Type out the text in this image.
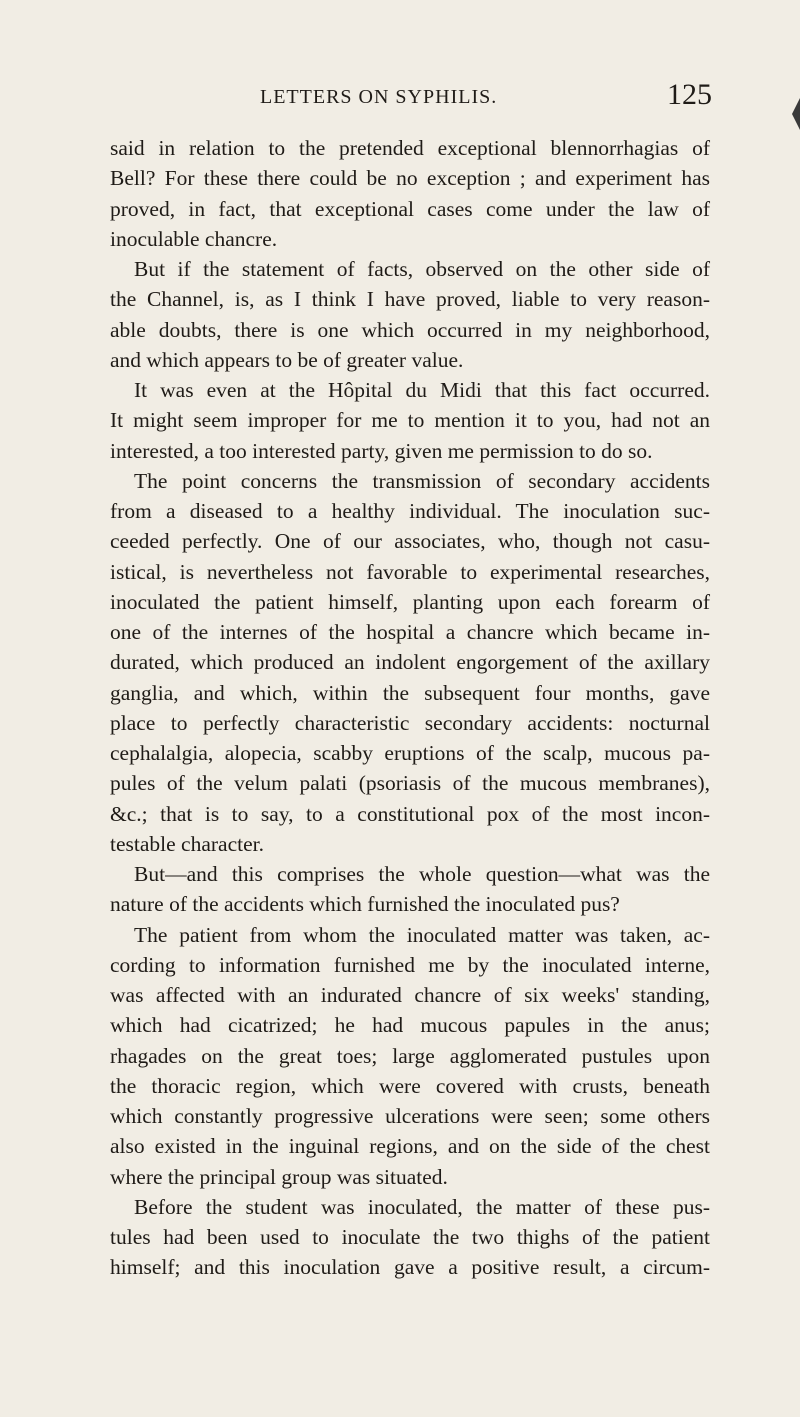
LETTERS ON SYPHILIS.	125
said in relation to the pretended exceptional blennorrhagias of
Bell? For these there could be no exception ; and experiment has
proved, in fact, that exceptional cases come under the law of
inoculable chancre.
But if the statement of facts, observed on the other side of
the Channel, is, as I think I have proved, liable to very reason-
able doubts, there is one which occurred in my neighborhood,
and which appears to be of greater value.
It was even at the Hôpital du Midi that this fact occurred.
It might seem improper for me to mention it to you, had not an
interested, a too interested party, given me permission to do so.
The point concerns the transmission of secondary accidents
from a diseased to a healthy individual. The inoculation suc-
ceeded perfectly. One of our associates, who, though not casu-
istical, is nevertheless not favorable to experimental researches,
inoculated the patient himself, planting upon each forearm of
one of the internes of the hospital a chancre which became in-
durated, which produced an indolent engorgement of the axillary
ganglia, and which, within the subsequent four months, gave
place to perfectly characteristic secondary accidents: nocturnal
cephalalgia, alopecia, scabby eruptions of the scalp, mucous pa-
pules of the velum palati (psoriasis of the mucous membranes),
&c.; that is to say, to a constitutional pox of the most incon-
testable character.
But—and this comprises the whole question—what was the
nature of the accidents which furnished the inoculated pus?
The patient from whom the inoculated matter was taken, ac-
cording to information furnished me by the inoculated interne,
was affected with an indurated chancre of six weeks' standing,
which had cicatrized; he had mucous papules in the anus;
rhagades on the great toes; large agglomerated pustules upon
the thoracic region, which were covered with crusts, beneath
which constantly progressive ulcerations were seen; some others
also existed in the inguinal regions, and on the side of the chest
where the principal group was situated.
Before the student was inoculated, the matter of these pus-
tules had been used to inoculate the two thighs of the patient
himself; and this inoculation gave a positive result, a circum-
